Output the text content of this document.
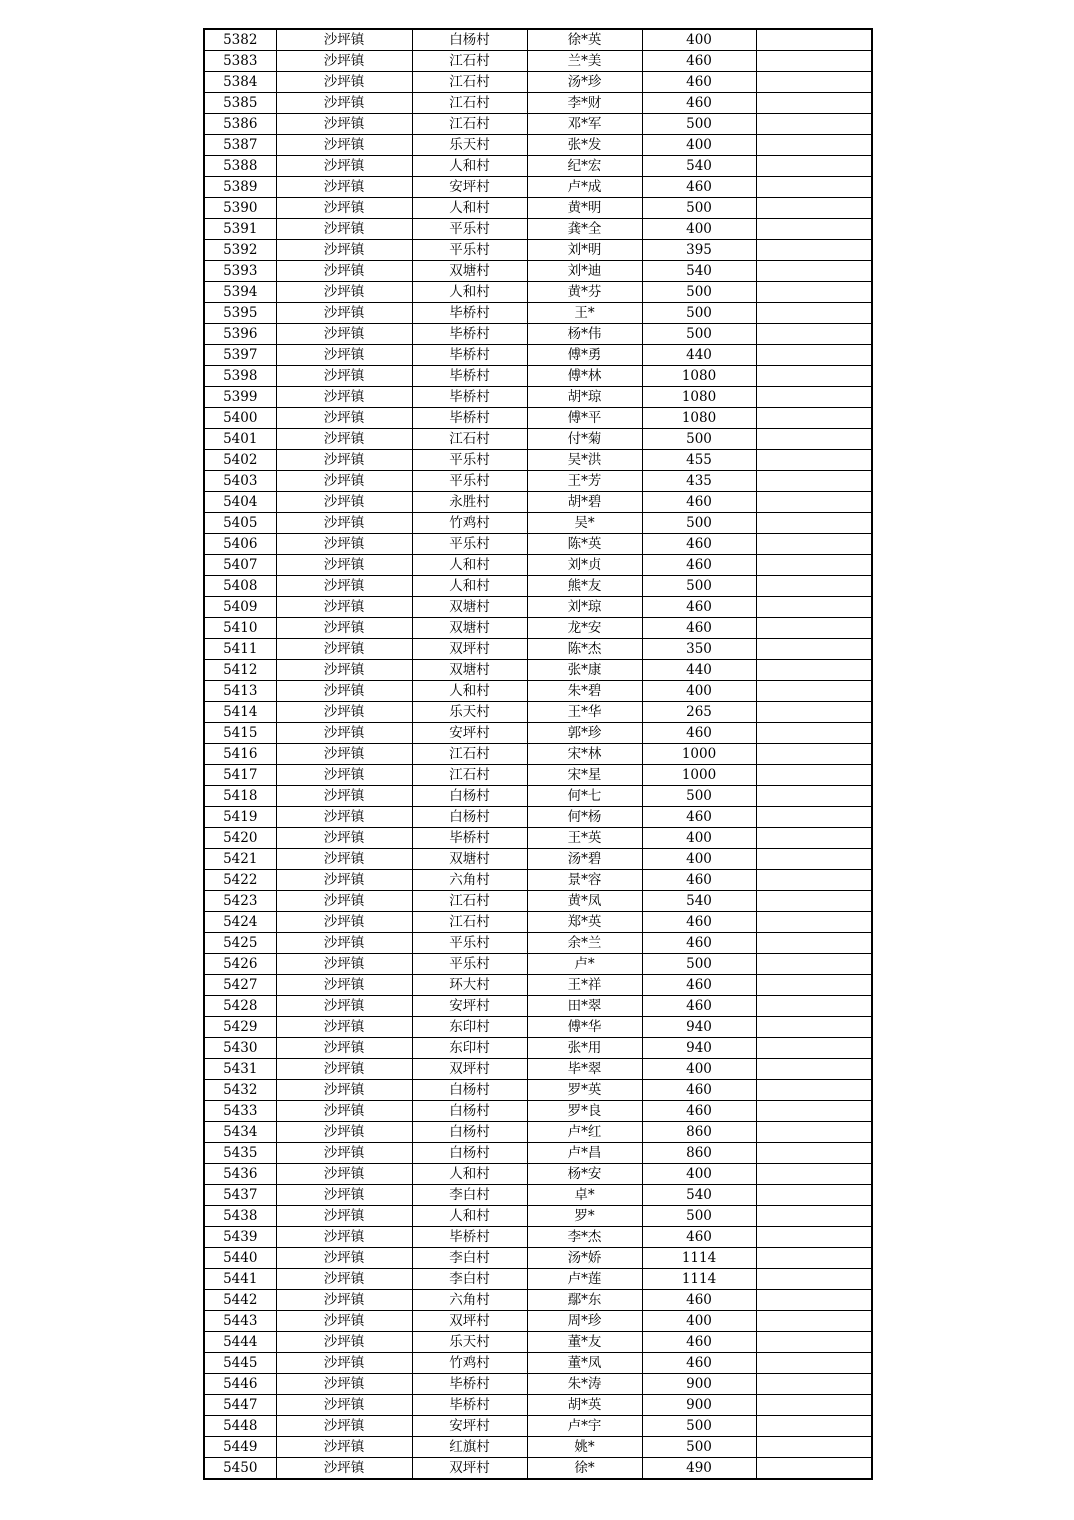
5382	沙坪镇	白杨村	徐*英	400	
5383	沙坪镇	江石村	兰*美	460	
5384	沙坪镇	江石村	汤*珍	460	
5385	沙坪镇	江石村	李*财	460	
5386	沙坪镇	江石村	邓*军	500	
5387	沙坪镇	乐天村	张*发	400	
5388	沙坪镇	人和村	纪*宏	540	
5389	沙坪镇	安坪村	卢*成	460	
5390	沙坪镇	人和村	黄*明	500	
5391	沙坪镇	平乐村	龚*全	400	
5392	沙坪镇	平乐村	刘*明	395	
5393	沙坪镇	双塘村	刘*迪	540	
5394	沙坪镇	人和村	黄*芬	500	
5395	沙坪镇	毕桥村	王*	500	
5396	沙坪镇	毕桥村	杨*伟	500	
5397	沙坪镇	毕桥村	傅*勇	440	
5398	沙坪镇	毕桥村	傅*林	1080	
5399	沙坪镇	毕桥村	胡*琼	1080	
5400	沙坪镇	毕桥村	傅*平	1080	
5401	沙坪镇	江石村	付*菊	500	
5402	沙坪镇	平乐村	吴*洪	455	
5403	沙坪镇	平乐村	王*芳	435	
5404	沙坪镇	永胜村	胡*碧	460	
5405	沙坪镇	竹鸡村	吴*	500	
5406	沙坪镇	平乐村	陈*英	460	
5407	沙坪镇	人和村	刘*贞	460	
5408	沙坪镇	人和村	熊*友	500	
5409	沙坪镇	双塘村	刘*琼	460	
5410	沙坪镇	双塘村	龙*安	460	
5411	沙坪镇	双坪村	陈*杰	350	
5412	沙坪镇	双塘村	张*康	440	
5413	沙坪镇	人和村	朱*碧	400	
5414	沙坪镇	乐天村	王*华	265	
5415	沙坪镇	安坪村	郭*珍	460	
5416	沙坪镇	江石村	宋*林	1000	
5417	沙坪镇	江石村	宋*星	1000	
5418	沙坪镇	白杨村	何*七	500	
5419	沙坪镇	白杨村	何*杨	460	
5420	沙坪镇	毕桥村	王*英	400	
5421	沙坪镇	双塘村	汤*碧	400	
5422	沙坪镇	六角村	景*容	460	
5423	沙坪镇	江石村	黄*凤	540	
5424	沙坪镇	江石村	郑*英	460	
5425	沙坪镇	平乐村	余*兰	460	
5426	沙坪镇	平乐村	卢*	500	
5427	沙坪镇	环大村	王*祥	460	
5428	沙坪镇	安坪村	田*翠	460	
5429	沙坪镇	东印村	傅*华	940	
5430	沙坪镇	东印村	张*用	940	
5431	沙坪镇	双坪村	毕*翠	400	
5432	沙坪镇	白杨村	罗*英	460	
5433	沙坪镇	白杨村	罗*良	460	
5434	沙坪镇	白杨村	卢*红	860	
5435	沙坪镇	白杨村	卢*昌	860	
5436	沙坪镇	人和村	杨*安	400	
5437	沙坪镇	李白村	卓*	540	
5438	沙坪镇	人和村	罗*	500	
5439	沙坪镇	毕桥村	李*杰	460	
5440	沙坪镇	李白村	汤*娇	1114	
5441	沙坪镇	李白村	卢*莲	1114	
5442	沙坪镇	六角村	鄢*东	460	
5443	沙坪镇	双坪村	周*珍	400	
5444	沙坪镇	乐天村	董*友	460	
5445	沙坪镇	竹鸡村	董*凤	460	
5446	沙坪镇	毕桥村	朱*涛	900	
5447	沙坪镇	毕桥村	胡*英	900	
5448	沙坪镇	安坪村	卢*宇	500	
5449	沙坪镇	红旗村	姚*	500	
5450	沙坪镇	双坪村	徐*	490	
